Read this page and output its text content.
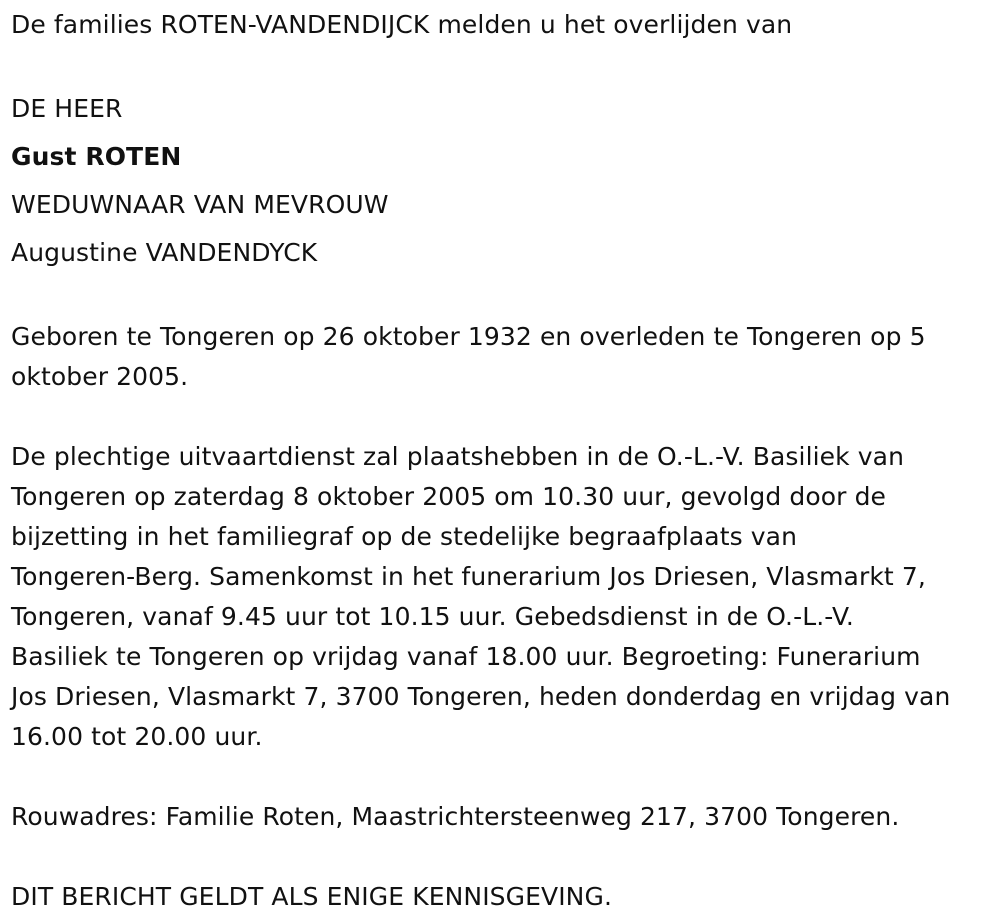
De families ROTEN-VANDENDIJCK melden u het overlijden van
DE HEER
Gust ROTEN
WEDUWNAAR VAN MEVROUW
Augustine VANDENDYCK
Geboren te Tongeren op 26 oktober 1932 en overleden te Tongeren op 5
oktober 2005.
De plechtige uitvaartdienst zal plaatshebben in de O.-L.-V. Basiliek van
Tongeren op zaterdag 8 oktober 2005 om 10.30 uur, gevolgd door de
bijzetting in het familiegraf op de stedelijke begraafplaats van
Tongeren-Berg. Samenkomst in het funerarium Jos Driesen, Vlasmarkt 7,
Tongeren, vanaf 9.45 uur tot 10.15 uur. Gebedsdienst in de O.-L.-V.
Basiliek te Tongeren op vrijdag vanaf 18.00 uur. Begroeting: Funerarium
Jos Driesen, Vlasmarkt 7, 3700 Tongeren, heden donderdag en vrijdag van
16.00 tot 20.00 uur.
Rouwadres: Familie Roten, Maastrichtersteenweg 217, 3700 Tongeren.
DIT BERICHT GELDT ALS ENIGE KENNISGEVING.
